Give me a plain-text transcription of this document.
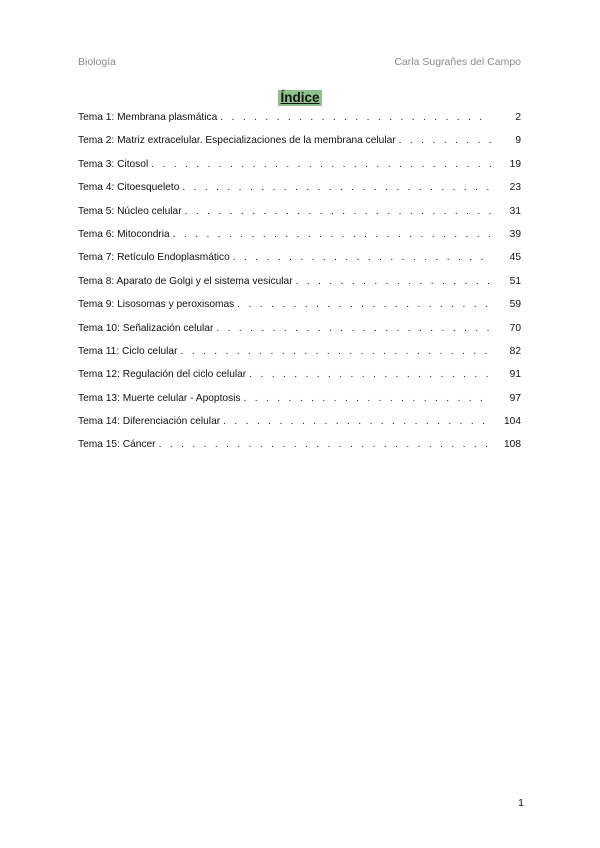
Biología	Carla Sugrañes del Campo
Índice
Tema 1: Membrana plasmática . . .	2
Tema 2: Matriz extracelular. Especializaciones de la membrana celular . . .	9
Tema 3: Citosol . . .	19
Tema 4: Citoesqueleto . . .	23
Tema 5: Núcleo celular . . .	31
Tema 6: Mitocondria . . .	39
Tema 7: Retículo Endoplasmático . . .	45
Tema 8: Aparato de Golgi y el sistema vesicular . . .	51
Tema 9: Lisosomas y peroxisomas . . .	59
Tema 10: Señalización celular . . .	70
Tema 11: Ciclo celular . . .	82
Tema 12: Regulación del ciclo celular . . .	91
Tema 13: Muerte celular - Apoptosis . . .	97
Tema 14: Diferenciación celular . . .	104
Tema 15: Cáncer . . .	108
1
